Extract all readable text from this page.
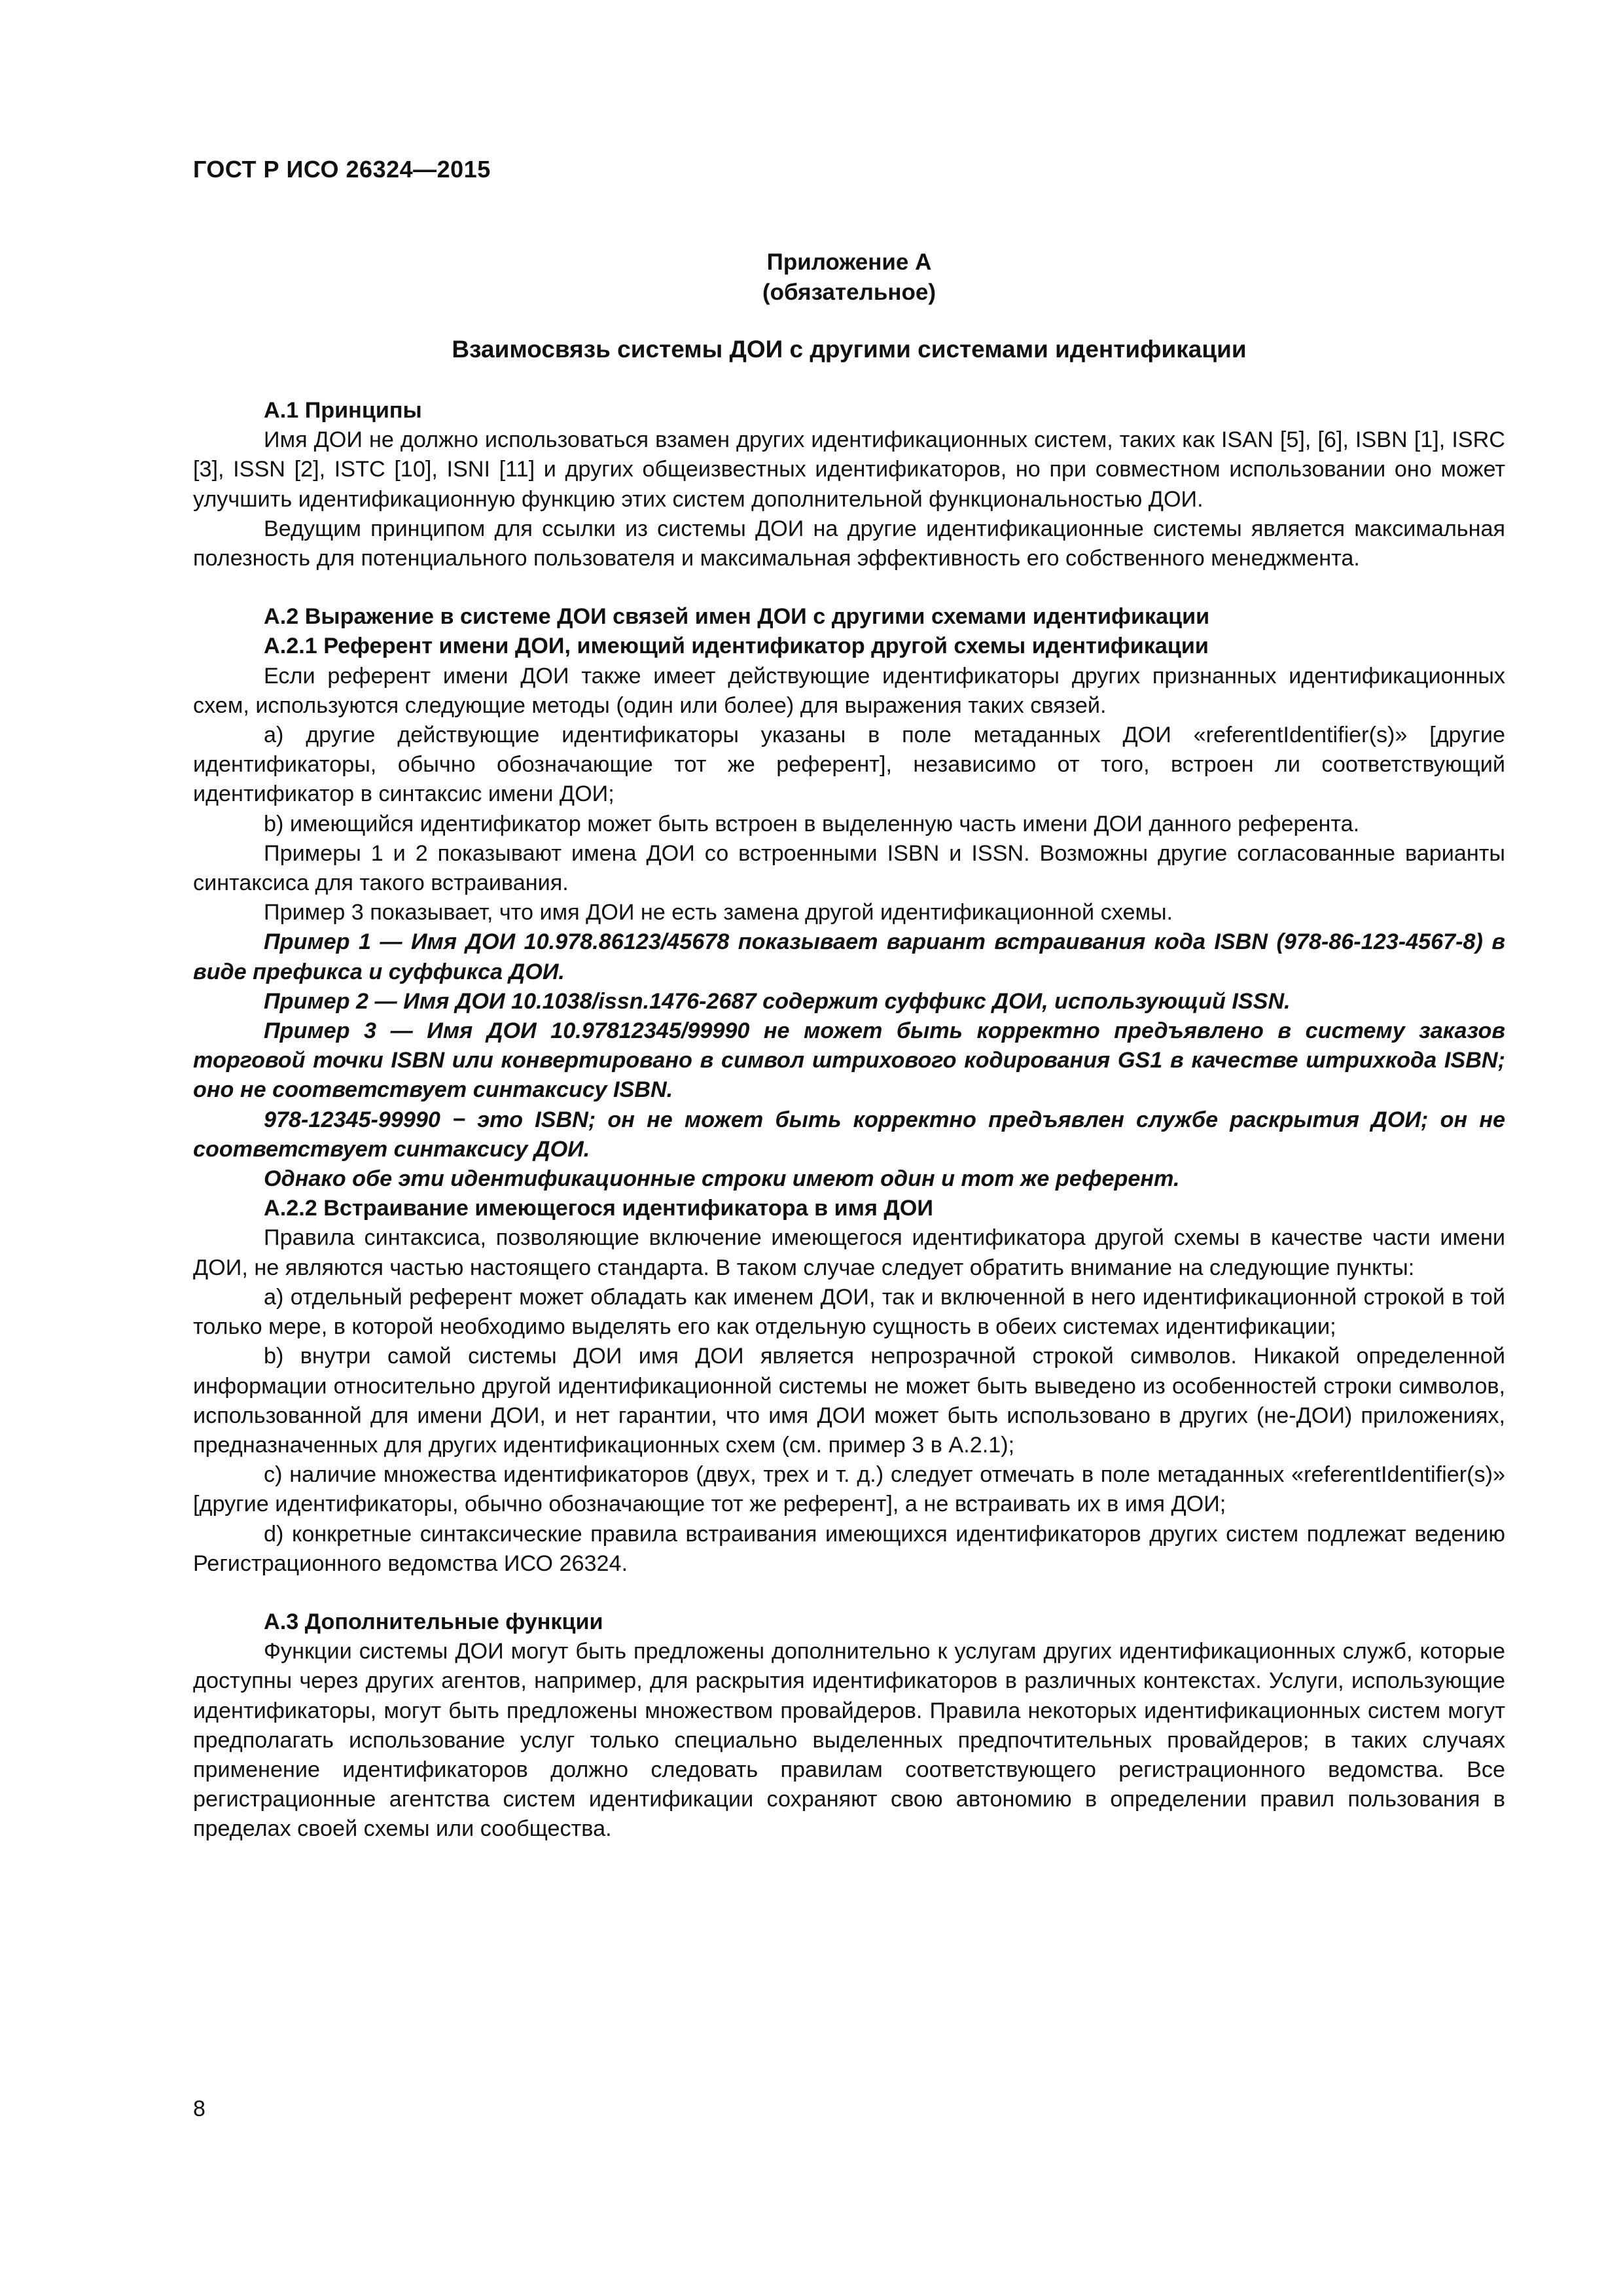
ГОСТ Р ИСО 26324—2015
Приложение А
(обязательное)
Взаимосвязь системы ДОИ с другими системами идентификации

А.1 Принципы

Имя ДОИ не должно использоваться взамен других идентификационных систем, таких как ISAN [5], [6], ISBN [1], ISRC [3], ISSN [2], ISTC [10], ISNI [11] и других общеизвестных идентификаторов, но при совместном использовании оно может улучшить идентификационную функцию этих систем дополнительной функциональностью ДОИ.

Ведущим принципом для ссылки из системы ДОИ на другие идентификационные системы является максимальная полезность для потенциального пользователя и максимальная эффективность его собственного менеджмента.

А.2 Выражение в системе ДОИ связей имен ДОИ с другими схемами идентификации

А.2.1 Референт имени ДОИ, имеющий идентификатор другой схемы идентификации

Если референт имени ДОИ также имеет действующие идентификаторы других признанных идентификационных схем, используются следующие методы (один или более) для выражения таких связей.

а) другие действующие идентификаторы указаны в поле метаданных ДОИ «referentIdentifier(s)» [другие идентификаторы, обычно обозначающие тот же референт], независимо от того, встроен ли соответствующий идентификатор в синтаксис имени ДОИ;

b) имеющийся идентификатор может быть встроен в выделенную часть имени ДОИ данного референта.

Примеры 1 и 2 показывают имена ДОИ со встроенными ISBN и ISSN. Возможны другие согласованные варианты синтаксиса для такого встраивания.

Пример 3 показывает, что имя ДОИ не есть замена другой идентификационной схемы.

Пример 1 — Имя ДОИ 10.978.86123/45678 показывает вариант встраивания кода ISBN (978-86-123-4567-8) в виде префикса и суффикса ДОИ.

Пример 2 — Имя ДОИ 10.1038/issn.1476-2687 содержит суффикс ДОИ, использующий ISSN.

Пример 3 — Имя ДОИ 10.97812345/99990 не может быть корректно предъявлено в систему заказов торговой точки ISBN или конвертировано в символ штрихового кодирования GS1 в качестве штрихкода ISBN; оно не соответствует синтаксису ISBN.

978-12345-99990 − это ISBN; он не может быть корректно предъявлен службе раскрытия ДОИ; он не соответствует синтаксису ДОИ.

Однако обе эти идентификационные строки имеют один и тот же референт.

А.2.2 Встраивание имеющегося идентификатора в имя ДОИ

Правила синтаксиса, позволяющие включение имеющегося идентификатора другой схемы в качестве части имени ДОИ, не являются частью настоящего стандарта. В таком случае следует обратить внимание на следующие пункты:

а) отдельный референт может обладать как именем ДОИ, так и включенной в него идентификационной строкой в той только мере, в которой необходимо выделять его как отдельную сущность в обеих системах идентификации;

b) внутри самой системы ДОИ имя ДОИ является непрозрачной строкой символов. Никакой определенной информации относительно другой идентификационной системы не может быть выведено из особенностей строки символов, использованной для имени ДОИ, и нет гарантии, что имя ДОИ может быть использовано в других (не-ДОИ) приложениях, предназначенных для других идентификационных схем (см. пример 3 в А.2.1);

с) наличие множества идентификаторов (двух, трех и т. д.) следует отмечать в поле метаданных «referentIdentifier(s)» [другие идентификаторы, обычно обозначающие тот же референт], а не встраивать их в имя ДОИ;

d) конкретные синтаксические правила встраивания имеющихся идентификаторов других систем подлежат ведению Регистрационного ведомства ИСО 26324.

А.3 Дополнительные функции

Функции системы ДОИ могут быть предложены дополнительно к услугам других идентификационных служб, которые доступны через других агентов, например, для раскрытия идентификаторов в различных контекстах. Услуги, использующие идентификаторы, могут быть предложены множеством провайдеров. Правила некоторых идентификационных систем могут предполагать использование услуг только специально выделенных предпочтительных провайдеров; в таких случаях применение идентификаторов должно следовать правилам соответствующего регистрационного ведомства. Все регистрационные агентства систем идентификации сохраняют свою автономию в определении правил пользования в пределах своей схемы или сообщества.

8
